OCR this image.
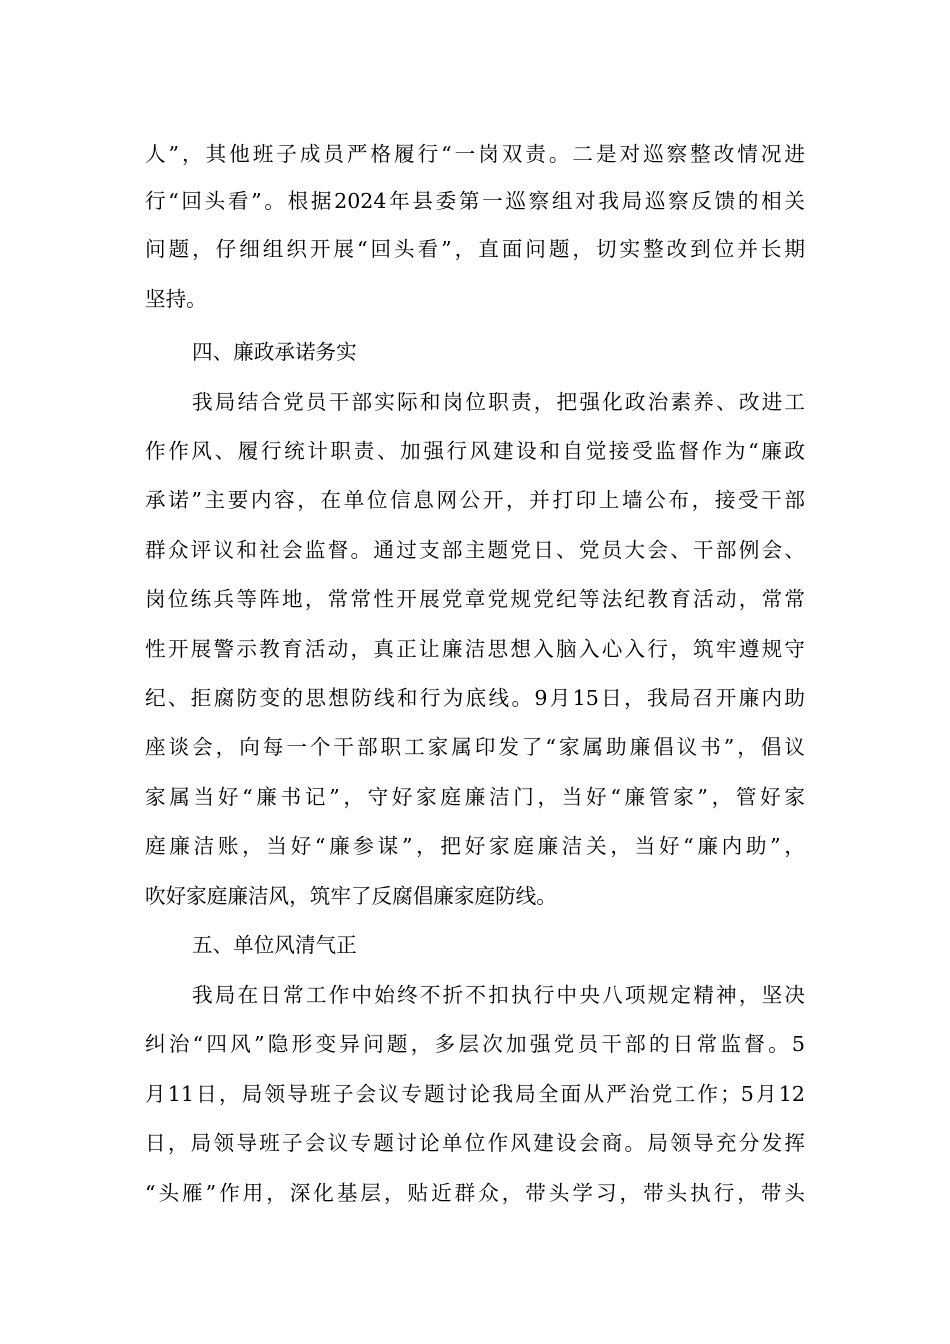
人”，其他班子成员严格履行“一岗双责。二是对巡察整改情况进
行“回头看”。根据2024年县委第一巡察组对我局巡察反馈的相关
问题，仔细组织开展“回头看”，直面问题，切实整改到位并长期
坚持。
四、廉政承诺务实
我局结合党员干部实际和岗位职责，把强化政治素养、改进工
作作风、履行统计职责、加强行风建设和自觉接受监督作为“廉政
承诺”主要内容，在单位信息网公开，并打印上墙公布，接受干部
群众评议和社会监督。通过支部主题党日、党员大会、干部例会、
岗位练兵等阵地，常常性开展党章党规党纪等法纪教育活动，常常
性开展警示教育活动，真正让廉洁思想入脑入心入行，筑牢遵规守
纪、拒腐防变的思想防线和行为底线。9月15日，我局召开廉内助
座谈会，向每一个干部职工家属印发了“家属助廉倡议书”，倡议
家属当好“廉书记”，守好家庭廉洁门，当好“廉管家”，管好家
庭廉洁账，当好“廉参谋”，把好家庭廉洁关，当好“廉内助”，
吹好家庭廉洁风，筑牢了反腐倡廉家庭防线。
五、单位风清气正
我局在日常工作中始终不折不扣执行中央八项规定精神，坚决
纠治“四风”隐形变异问题，多层次加强党员干部的日常监督。5
月11日，局领导班子会议专题讨论我局全面从严治党工作；5月12
日，局领导班子会议专题讨论单位作风建设会商。局领导充分发挥
“头雁”作用，深化基层，贴近群众，带头学习，带头执行，带头
